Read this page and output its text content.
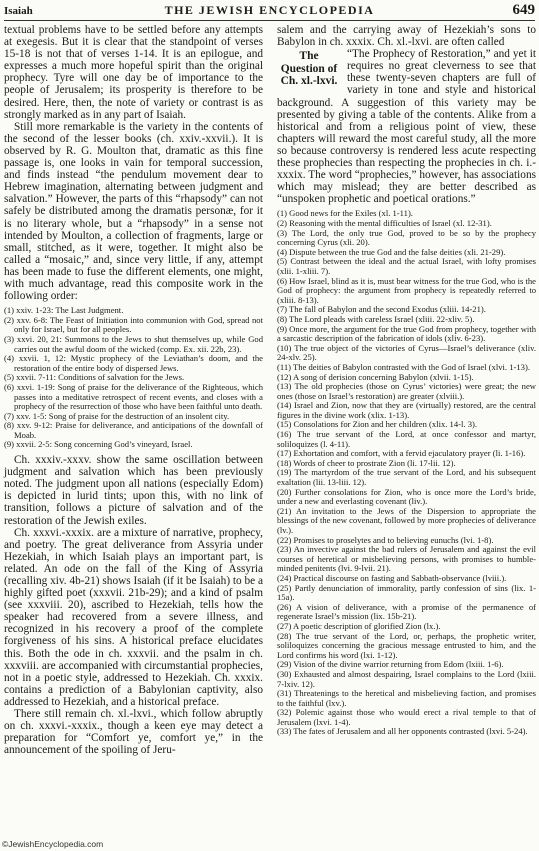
Isaiah	THE JEWISH ENCYCLOPEDIA	649

textual problems have to be settled before any attempts at exegesis. But it is clear that the standpoint of verses 15-18 is not that of verses 1-14. It is an epilogue, and expresses a much more hopeful spirit than the original prophecy. Tyre will one day be of importance to the people of Jerusalem; its prosperity is therefore to be desired. Here, then, the note of variety or contrast is as strongly marked as in any part of Isaiah.

Still more remarkable is the variety in the contents of the second of the lesser books (ch. xxiv.-xxvii.). It is observed by R. G. Moulton that, dramatic as this fine passage is, one looks in vain for temporal succession, and finds instead “the pendulum movement dear to Hebrew imagination, alternating between judgment and salvation.” However, the parts of this “rhapsody” can not safely be distributed among the dramatis personæ, for it is no literary whole, but a “rhapsody” in a sense not intended by Moulton, a collection of fragments, large or small, stitched, as it were, together. It might also be called a “mosaic,” and, since very little, if any, attempt has been made to fuse the different elements, one might, with much advantage, read this composite work in the following order:

(1) xxiv. 1-23: The Last Judgment.
(2) xxv. 6-8: The Feast of Initiation into communion with God, spread not only for Israel, but for all peoples.
(3) xxvi. 20, 21: Summons to the Jews to shut themselves up, while God carries out the awful doom of the wicked (comp. Ex. xii. 22b, 23).
(4) xxvii. 1, 12: Mystic prophecy of the Leviathan’s doom, and the restoration of the entire body of dispersed Jews.
(5) xxvii. 7-11: Conditions of salvation for the Jews.
(6) xxvi. 1-19: Song of praise for the deliverance of the Righteous, which passes into a meditative retrospect of recent events, and closes with a prophecy of the resurrection of those who have been faithful unto death.
(7) xxv. 1-5: Song of praise for the destruction of an insolent city.
(8) xxv. 9-12: Praise for deliverance, and anticipations of the downfall of Moab.
(9) xxvii. 2-5: Song concerning God’s vineyard, Israel.

Ch. xxxiv.-xxxv. show the same oscillation between judgment and salvation which has been previously noted. The judgment upon all nations (especially Edom) is depicted in lurid tints; upon this, with no link of transition, follows a picture of salvation and of the restoration of the Jewish exiles.

Ch. xxxvi.-xxxix. are a mixture of narrative, prophecy, and poetry. The great deliverance from Assyria under Hezekiah, in which Isaiah plays an important part, is related. An ode on the fall of the King of Assyria (recalling xiv. 4b-21) shows Isaiah (if it be Isaiah) to be a highly gifted poet (xxxvii. 21b-29); and a kind of psalm (see xxxviii. 20), ascribed to Hezekiah, tells how the speaker had recovered from a severe illness, and recognized in his recovery a proof of the complete forgiveness of his sins. A historical preface elucidates this. Both the ode in ch. xxxvii. and the psalm in ch. xxxviii. are accompanied with circumstantial prophecies, not in a poetic style, addressed to Hezekiah. Ch. xxxix. contains a prediction of a Babylonian captivity, also addressed to Hezekiah, and a historical preface.

There still remain ch. xl.-lxvi., which follow abruptly on ch. xxxvi.-xxxix., though a keen eye may detect a preparation for “Comfort ye, comfort ye,” in the announcement of the spoiling of Jeru-

salem and the carrying away of Hezekiah’s sons to Babylon in ch. xxxix. Ch. xl.-lxvi. are often called

The Question of Ch. xl.-lxvi.

“The Prophecy of Restoration,” and yet it requires no great cleverness to see that these twenty-seven chapters are full of variety in tone and style and historical background. A suggestion of this variety may be presented by giving a table of the contents. Alike from a historical and from a religious point of view, these chapters will reward the most careful study, all the more so because controversy is rendered less acute respecting these prophecies than respecting the prophecies in ch. i.-xxxix. The word “prophecies,” however, has associations which may mislead; they are better described as “unspoken prophetic and poetical orations.”

(1) Good news for the Exiles (xl. 1-11).
(2) Reasoning with the mental difficulties of Israel (xl. 12-31).
(3) The Lord, the only true God, proved to be so by the prophecy concerning Cyrus (xli. 20).
(4) Dispute between the true God and the false deities (xli. 21-29).
(5) Contrast between the ideal and the actual Israel, with lofty promises (xlii. 1-xliii. 7).
(6) How Israel, blind as it is, must bear witness for the true God, who is the God of prophecy: the argument from prophecy is repeatedly referred to (xliii. 8-13).
(7) The fall of Babylon and the second Exodus (xliii. 14-21).
(8) The Lord pleads with careless Israel (xliii. 22-xliv. 5).
(9) Once more, the argument for the true God from prophecy, together with a sarcastic description of the fabrication of idols (xliv. 6-23).
(10) The true object of the victories of Cyrus—Israel’s deliverance (xliv. 24-xlv. 25).
(11) The deities of Babylon contrasted with the God of Israel (xlvi. 1-13).
(12) A song of derision concerning Babylon (xlvii. 1-15).
(13) The old prophecies (those on Cyrus’ victories) were great; the new ones (those on Israel’s restoration) are greater (xlviii.).
(14) Israel and Zion, now that they are (virtually) restored, are the central figures in the divine work (xlix. 1-13).
(15) Consolations for Zion and her children (xlix. 14-l. 3).
(16) The true servant of the Lord, at once confessor and martyr, soliloquizes (l. 4-11).
(17) Exhortation and comfort, with a fervid ejaculatory prayer (li. 1-16).
(18) Words of cheer to prostrate Zion (li. 17-lii. 12).
(19) The martyrdom of the true servant of the Lord, and his subsequent exaltation (lii. 13-liii. 12).
(20) Further consolations for Zion, who is once more the Lord’s bride, under a new and everlasting covenant (liv.).
(21) An invitation to the Jews of the Dispersion to appropriate the blessings of the new covenant, followed by more prophecies of deliverance (lv.).
(22) Promises to proselytes and to believing eunuchs (lvi. 1-8).
(23) An invective against the bad rulers of Jerusalem and against the evil courses of heretical or misbelieving persons, with promises to humble-minded penitents (lvi. 9-lvii. 21).
(24) Practical discourse on fasting and Sabbath-observance (lviii.).
(25) Partly denunciation of immorality, partly confession of sins (lix. 1-15a).
(26) A vision of deliverance, with a promise of the permanence of regenerate Israel’s mission (lix. 15b-21).
(27) A poetic description of glorified Zion (lx.).
(28) The true servant of the Lord, or, perhaps, the prophetic writer, soliloquizes concerning the gracious message entrusted to him, and the Lord confirms his word (lxi. 1-12).
(29) Vision of the divine warrior returning from Edom (lxiii. 1-6).
(30) Exhausted and almost despairing, Israel complains to the Lord (lxiii. 7-lxiv. 12).
(31) Threatenings to the heretical and misbelieving faction, and promises to the faithful (lxv.).
(32) Polemic against those who would erect a rival temple to that of Jerusalem (lxvi. 1-4).
(33) The fates of Jerusalem and all her opponents contrasted (lxvi. 5-24).
©JewishEncyclopedia.com
